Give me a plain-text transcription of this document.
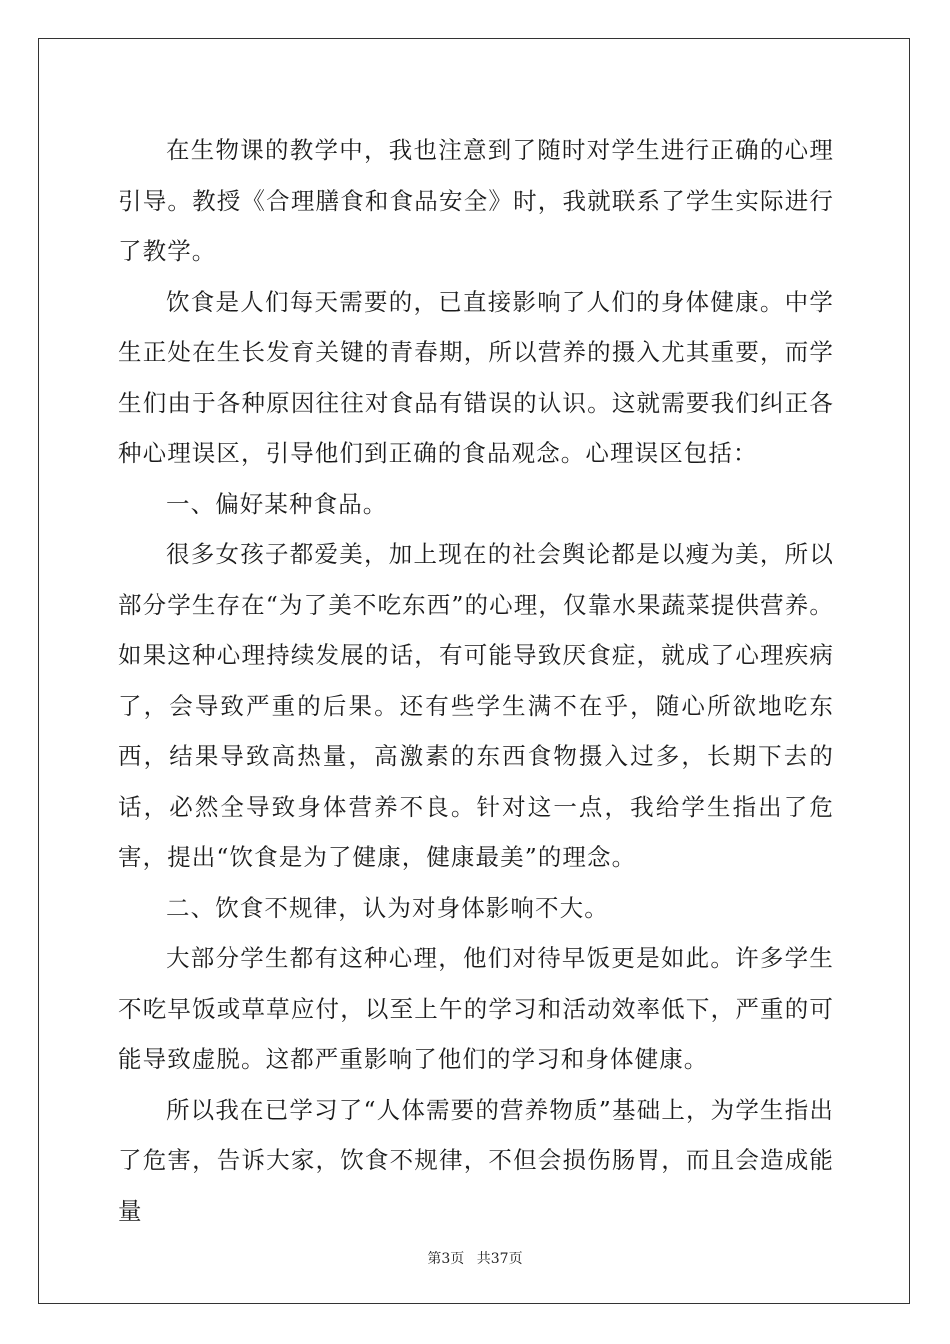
在生物课的教学中，我也注意到了随时对学生进行正确的心理引导。教授《合理膳食和食品安全》时，我就联系了学生实际进行了教学。

饮食是人们每天需要的，已直接影响了人们的身体健康。中学生正处在生长发育关键的青春期，所以营养的摄入尤其重要，而学生们由于各种原因往往对食品有错误的认识。这就需要我们纠正各种心理误区，引导他们到正确的食品观念。心理误区包括：

一、偏好某种食品。

很多女孩子都爱美，加上现在的社会舆论都是以瘦为美，所以部分学生存在“为了美不吃东西”的心理，仅靠水果蔬菜提供营养。如果这种心理持续发展的话，有可能导致厌食症，就成了心理疾病了，会导致严重的后果。还有些学生满不在乎，随心所欲地吃东西，结果导致高热量，高激素的东西食物摄入过多，长期下去的话，必然全导致身体营养不良。针对这一点，我给学生指出了危害，提出“饮食是为了健康，健康最美”的理念。

二、饮食不规律，认为对身体影响不大。

大部分学生都有这种心理，他们对待早饭更是如此。许多学生不吃早饭或草草应付，以至上午的学习和活动效率低下，严重的可能导致虚脱。这都严重影响了他们的学习和身体健康。

所以我在已学习了“人体需要的营养物质”基础上，为学生指出了危害，告诉大家，饮食不规律，不但会损伤肠胃，而且会造成能量

第3页 共37页
